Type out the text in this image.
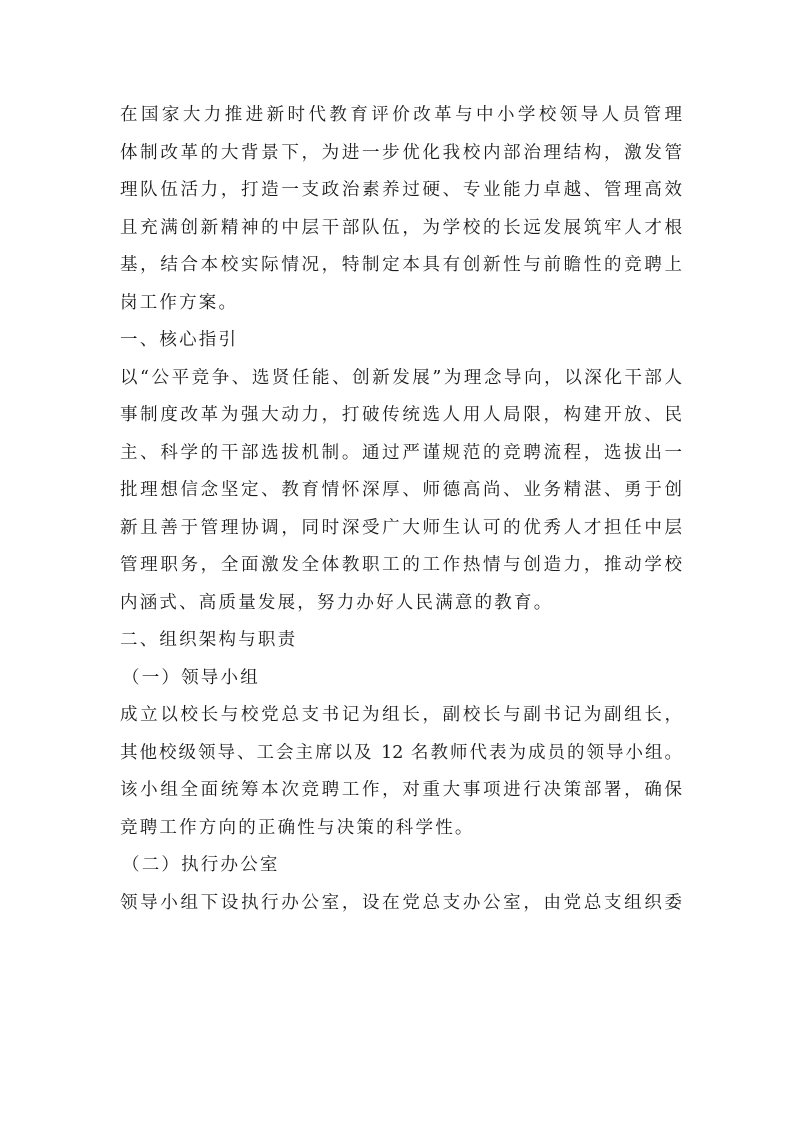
在国家大力推进新时代教育评价改革与中小学校领导人员管理
体制改革的大背景下，为进一步优化我校内部治理结构，激发管
理队伍活力，打造一支政治素养过硬、专业能力卓越、管理高效
且充满创新精神的中层干部队伍，为学校的长远发展筑牢人才根
基，结合本校实际情况，特制定本具有创新性与前瞻性的竞聘上
岗工作方案。
一、核心指引
以“公平竞争、选贤任能、创新发展”为理念导向，以深化干部人
事制度改革为强大动力，打破传统选人用人局限，构建开放、民
主、科学的干部选拔机制。通过严谨规范的竞聘流程，选拔出一
批理想信念坚定、教育情怀深厚、师德高尚、业务精湛、勇于创
新且善于管理协调，同时深受广大师生认可的优秀人才担任中层
管理职务，全面激发全体教职工的工作热情与创造力，推动学校
内涵式、高质量发展，努力办好人民满意的教育。
二、组织架构与职责
（一）领导小组
成立以校长与校党总支书记为组长，副校长与副书记为副组长，
其他校级领导、工会主席以及 12 名教师代表为成员的领导小组。
该小组全面统筹本次竞聘工作，对重大事项进行决策部署，确保
竞聘工作方向的正确性与决策的科学性。
（二）执行办公室
领导小组下设执行办公室，设在党总支办公室，由党总支组织委
